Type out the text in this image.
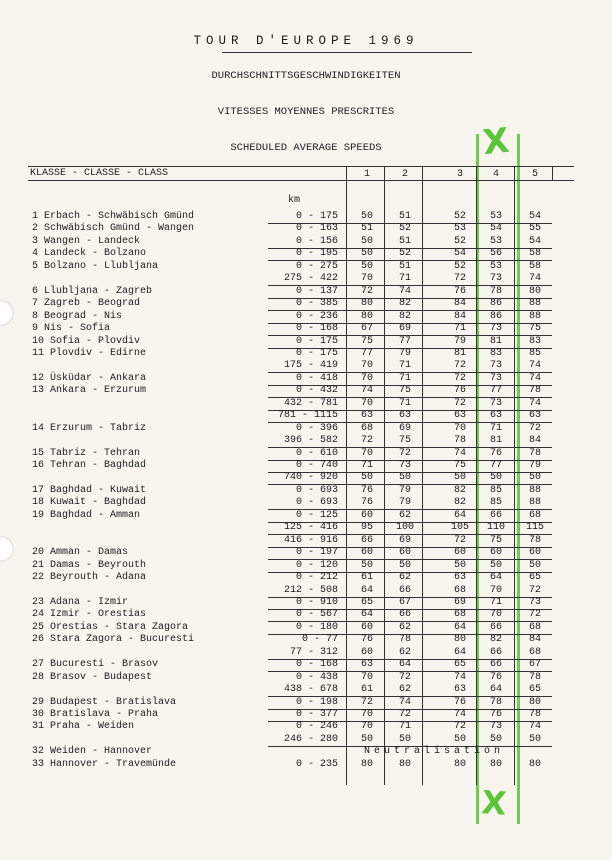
TOUR D'EUROPE 1969
DURCHSCHNITTSGESCHWINDIGKEITEN
VITESSES MOYENNES PRESCRITES
SCHEDULED AVERAGE SPEEDS	X
X
KLASSE - CLASSE - CLASS	1	2	3	4	5
km
1 Erbach - Schwäbisch Gmünd	0 - 175	50	51	52	53	54
2 Schwäbisch Gmünd - Wangen	0 - 163	51	52	53	54	55
3 Wangen - Landeck	0 - 156	50	51	52	53	54
4 Landeck - Bolzano	0 - 195	50	52	54	56	58
5 Bolzano - Llubljana	0 - 275	50	51	52	53	58
275 - 422	70	71	72	73	74
6 Llubljana - Zagreb	0 - 137	72	74	76	78	80
7 Zagreb - Beograd	0 - 385	80	82	84	86	88
8 Beograd - Nis	0 - 236	80	82	84	86	88
9 Nis - Sofia	0 - 168	67	69	71	73	75
10 Sofia - Plovdiv	0 - 175	75	77	79	81	83
11 Plovdiv - Edirne	0 - 175	77	79	81	83	85
175 - 419	70	71	72	73	74
12 Üsküdar - Ankara	0 - 418	70	71	72	73	74
13 Ankara - Erzurum	0 - 432	74	75	76	77	78
432 - 781	70	71	72	73	74
781 - 1115	63	63	63	63	63
14 Erzurum - Tabriz	0 - 396	68	69	70	71	72
396 - 582	72	75	78	81	84
15 Tabriz - Tehran	0 - 610	70	72	74	76	78
16 Tehran - Baghdad	0 - 740	71	73	75	77	79
740 - 920	50	50	50	50	50
17 Baghdad - Kuwait	0 - 693	76	79	82	85	88
18 Kuwait - Baghdad	0 - 693	76	79	82	85	88
19 Baghdad - Amman	0 - 125	60	62	64	66	68
125 - 416	95	100	105	110	115
416 - 916	66	69	72	75	78
20 Amman - Damas	0 - 197	60	60	60	60	60
21 Damas - Beyrouth	0 - 120	50	50	50	50	50
22 Beyrouth - Adana	0 - 212	61	62	63	64	65
212 - 508	64	66	68	70	72
23 Adana - Izmir	0 - 910	65	67	69	71	73
24 Izmir - Orestias	0 - 567	64	66	68	70	72
25 Orestias - Stara Zagora	0 - 180	60	62	64	66	68
26 Stara Zagora - Bucuresti	0 - 77	76	78	80	82	84
77 - 312	60	62	64	66	68
27 Bucuresti - Brasov	0 - 168	63	64	65	66	67
28 Brasov - Budapest	0 - 438	70	72	74	76	78
438 - 678	61	62	63	64	65
29 Budapest - Bratislava	0 - 198	72	74	76	78	80
30 Bratislava - Praha	0 - 377	70	72	74	76	78
31 Praha - Weiden	0 - 246	70	71	72	73	74
246 - 280	50	50	50	50	50
32 Weiden - Hannover	Neutralisation
33 Hannover - Travemünde	0 - 235	80	80	80	80	80
